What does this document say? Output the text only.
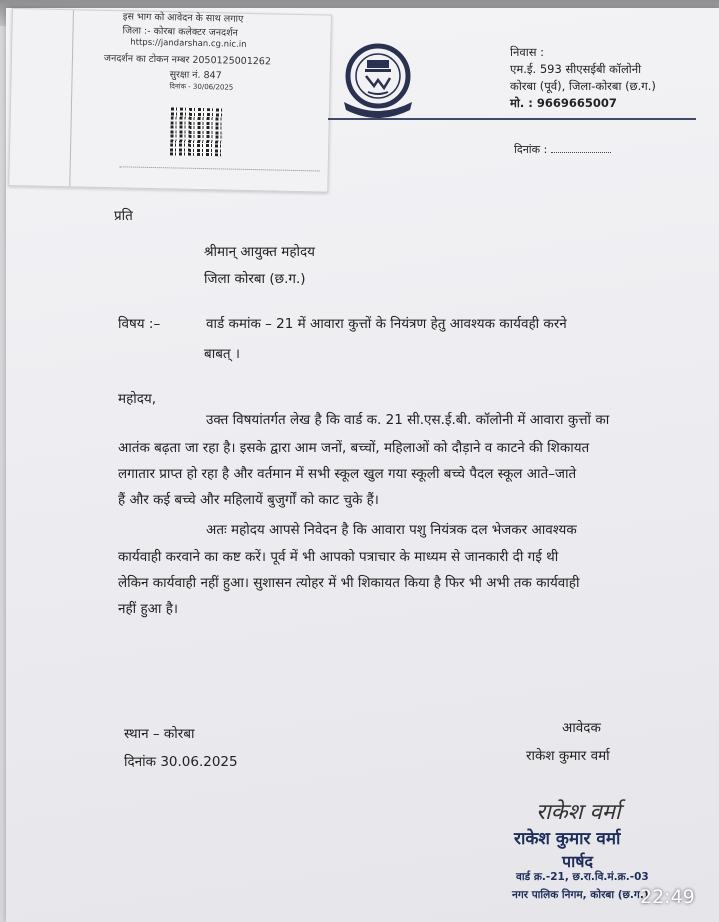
इस भाग को आवेदन के साथ लगाए
जिला :- कोरबा कलेक्टर जनदर्शन
https://jandarshan.cg.nic.in
जनदर्शन का टोकन नम्बर 2050125001262
सुरक्षा नं. 847
दिनांक - 30/06/2025
निवास :
एम.ई. 593 सीएसईबी कॉलोनी
कोरबा (पूर्व), जिला-कोरबा (छ.ग.)
मो. : 9669665007
दिनांक :
प्रति
श्रीमान् आयुक्त महोदय
जिला कोरबा (छ.ग.)
विषय :–	वार्ड कमांक – 21 में आवारा कुत्तों के नियंत्रण हेतु आवश्यक कार्यवही करने
बाबत् ।
महोदय,
उक्त विषयांतर्गत लेख है कि वार्ड क. 21 सी.एस.ई.बी. कॉलोनी में आवारा कुत्तों का
आतंक बढ़ता जा रहा है। इसके द्वारा आम जनों, बच्चों, महिलाओं को दौड़ाने व काटने की शिकायत
लगातार प्राप्त हो रहा है और वर्तमान में सभी स्कूल खुल गया स्कूली बच्चे पैदल स्कूल आते–जाते
हैं और कई बच्चे और महिलायें बुजुर्गों को काट चुके हैं।
अतः महोदय आपसे निवेदन है कि आवारा पशु नियंत्रक दल भेजकर आवश्यक
कार्यवाही करवाने का कष्ट करें। पूर्व में भी आपको पत्राचार के माध्यम से जानकारी दी गई थी
लेकिन कार्यवाही नहीं हुआ। सुशासन त्योहर में भी शिकायत किया है फिर भी अभी तक कार्यवाही
नहीं हुआ है।
स्थान – कोरबा
दिनांक 30.06.2025
आवेदक
राकेश कुमार वर्मा
राकेश वर्मा
राकेश कुमार वर्मा
पार्षद
वार्ड क्र.-21, छ.रा.वि.मं.क्र.-03
नगर पालिक निगम, कोरबा (छ.ग.)
22:49
